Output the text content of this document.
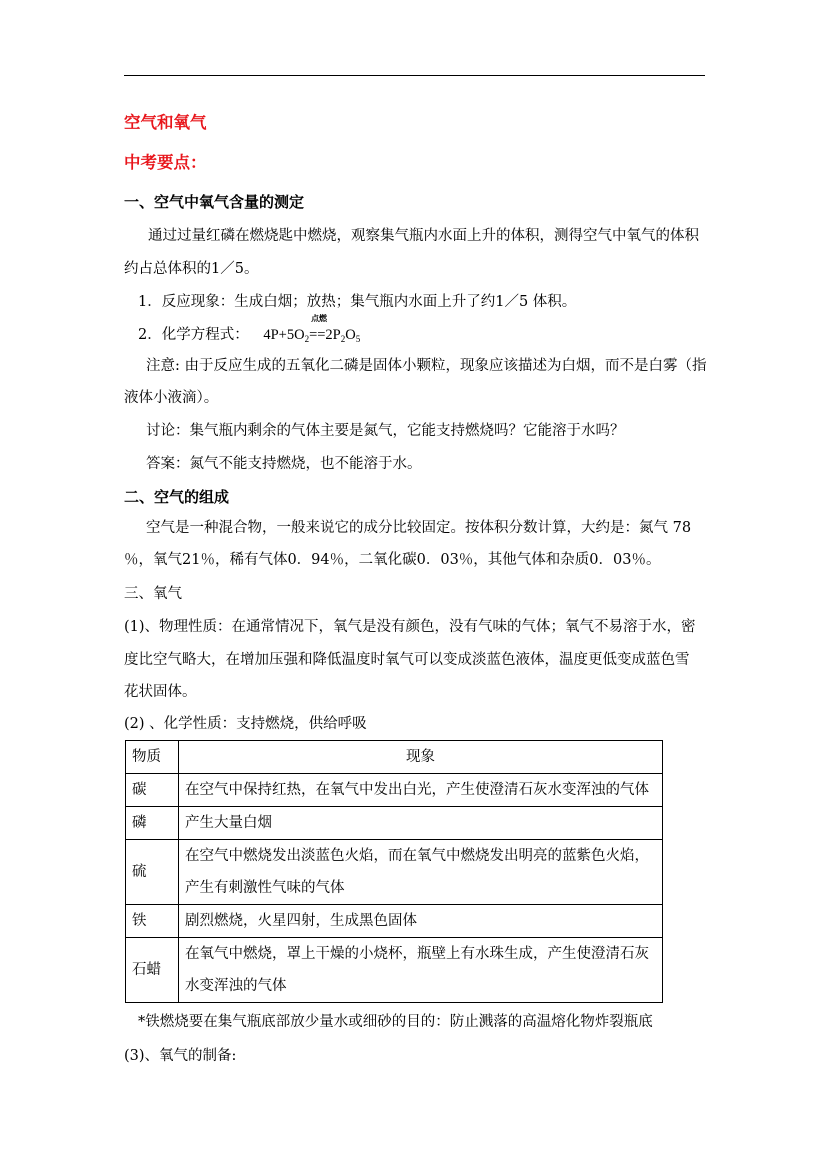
空气和氧气
中考要点：
一、空气中氧气含量的测定
通过过量红磷在燃烧匙中燃烧，观察集气瓶内水面上升的体积，测得空气中氧气的体积
约占总体积的1／5。
1．反应现象：生成白烟；放热；集气瓶内水面上升了约1／5 体积。
2．化学方程式： $4P+5O_2$
点燃
$==2P_2O_5$
注意: 由于反应生成的五氧化二磷是固体小颗粒，现象应该描述为白烟，而不是白雾（指
液体小液滴）。
讨论：集气瓶内剩余的气体主要是氮气，它能支持燃烧吗？它能溶于水吗？
答案：氮气不能支持燃烧，也不能溶于水。
二、空气的组成
空气是一种混合物，一般来说它的成分比较固定。按体积分数计算，大约是：氮气 78
％，氧气21％，稀有气体0．94％，二氧化碳0．03％，其他气体和杂质0．03％。
三、氧气
(1)、物理性质：在通常情况下，氧气是没有颜色，没有气味的气体；氧气不易溶于水，密
度比空气略大，在增加压强和降低温度时氧气可以变成淡蓝色液体，温度更低变成蓝色雪
花状固体。
(2) 、化学性质：支持燃烧，供给呼吸
物质	现象
碳	在空气中保持红热，在氧气中发出白光，产生使澄清石灰水变浑浊的气体
磷	产生大量白烟
硫	在空气中燃烧发出淡蓝色火焰，而在氧气中燃烧发出明亮的蓝紫色火焰，
产生有刺激性气味的气体

铁	剧烈燃烧，火星四射，生成黑色固体
石蜡	在氧气中燃烧，罩上干燥的小烧杯，瓶壁上有水珠生成，产生使澄清石灰
水变浑浊的气体
*铁燃烧要在集气瓶底部放少量水或细砂的目的：防止溅落的高温熔化物炸裂瓶底
(3)、氧气的制备:
